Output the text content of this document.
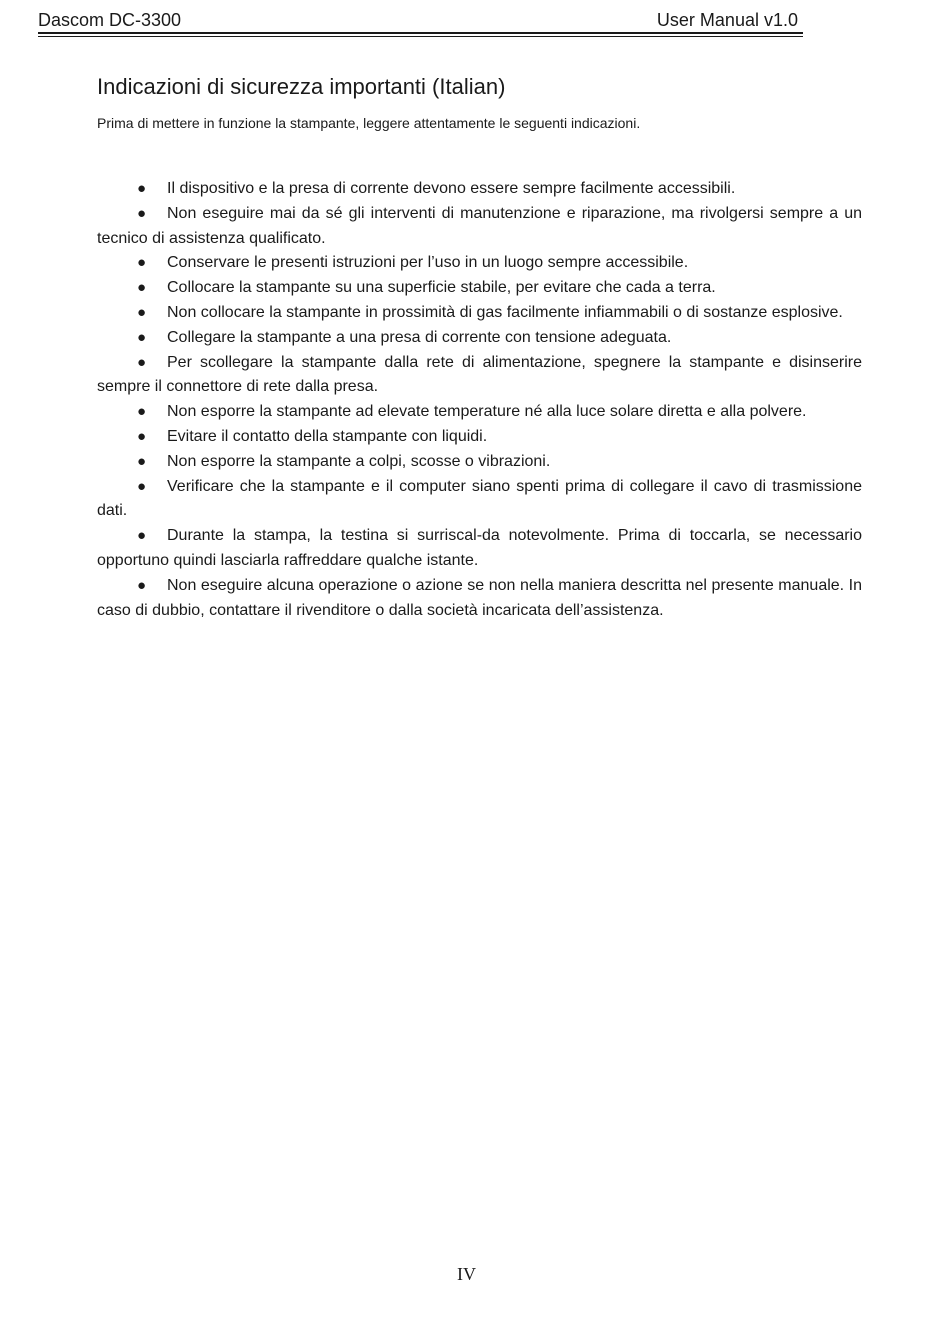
Dascom DC-3300	User Manual v1.0
Indicazioni di sicurezza importanti (Italian)

Prima di mettere in funzione la stampante, leggere attentamente le seguenti indicazioni.

● Il dispositivo e la presa di corrente devono essere sempre facilmente accessibili.
● Non eseguire mai da sé gli interventi di manutenzione e riparazione, ma rivolgersi sempre a un tecnico di assistenza qualificato.
● Conservare le presenti istruzioni per l’uso in un luogo sempre accessibile.
● Collocare la stampante su una superficie stabile, per evitare che cada a terra.
● Non collocare la stampante in prossimità di gas facilmente infiammabili o di sostanze esplosive.
● Collegare la stampante a una presa di corrente con tensione adeguata.
● Per scollegare la stampante dalla rete di alimentazione, spegnere la stampante e disinserire sempre il connettore di rete dalla presa.
● Non esporre la stampante ad elevate temperature né alla luce solare diretta e alla polvere.
● Evitare il contatto della stampante con liquidi.
● Non esporre la stampante a colpi, scosse o vibrazioni.
● Verificare che la stampante e il computer siano spenti prima di collegare il cavo di trasmissione dati.
● Durante la stampa, la testina si surriscal-da notevolmente. Prima di toccarla, se necessario opportuno quindi lasciarla raffreddare qualche istante.
● Non eseguire alcuna operazione o azione se non nella maniera descritta nel presente manuale. In caso di dubbio, contattare il rivenditore o dalla società incaricata dell’assistenza.
IV
